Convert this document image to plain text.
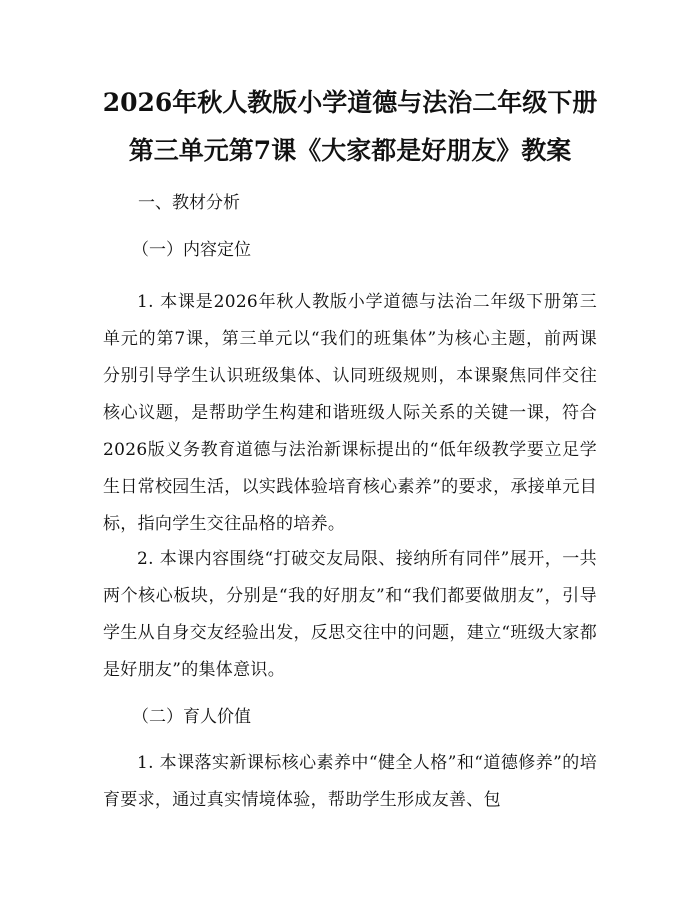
2026年秋人教版小学道德与法治二年级下册
第三单元第7课《大家都是好朋友》教案

一、教材分析

（一）内容定位

1. 本课是2026年秋人教版小学道德与法治二年级下册第三单元的第7课，第三单元以“我们的班集体”为核心主题，前两课分别引导学生认识班级集体、认同班级规则，本课聚焦同伴交往核心议题，是帮助学生构建和谐班级人际关系的关键一课，符合2026版义务教育道德与法治新课标提出的“低年级教学要立足学生日常校园生活，以实践体验培育核心素养”的要求，承接单元目标，指向学生交往品格的培养。

2. 本课内容围绕“打破交友局限、接纳所有同伴”展开，一共两个核心板块，分别是“我的好朋友”和“我们都要做朋友”，引导学生从自身交友经验出发，反思交往中的问题，建立“班级大家都是好朋友”的集体意识。

（二）育人价值

1. 本课落实新课标核心素养中“健全人格”和“道德修养”的培育要求，通过真实情境体验，帮助学生形成友善、包
